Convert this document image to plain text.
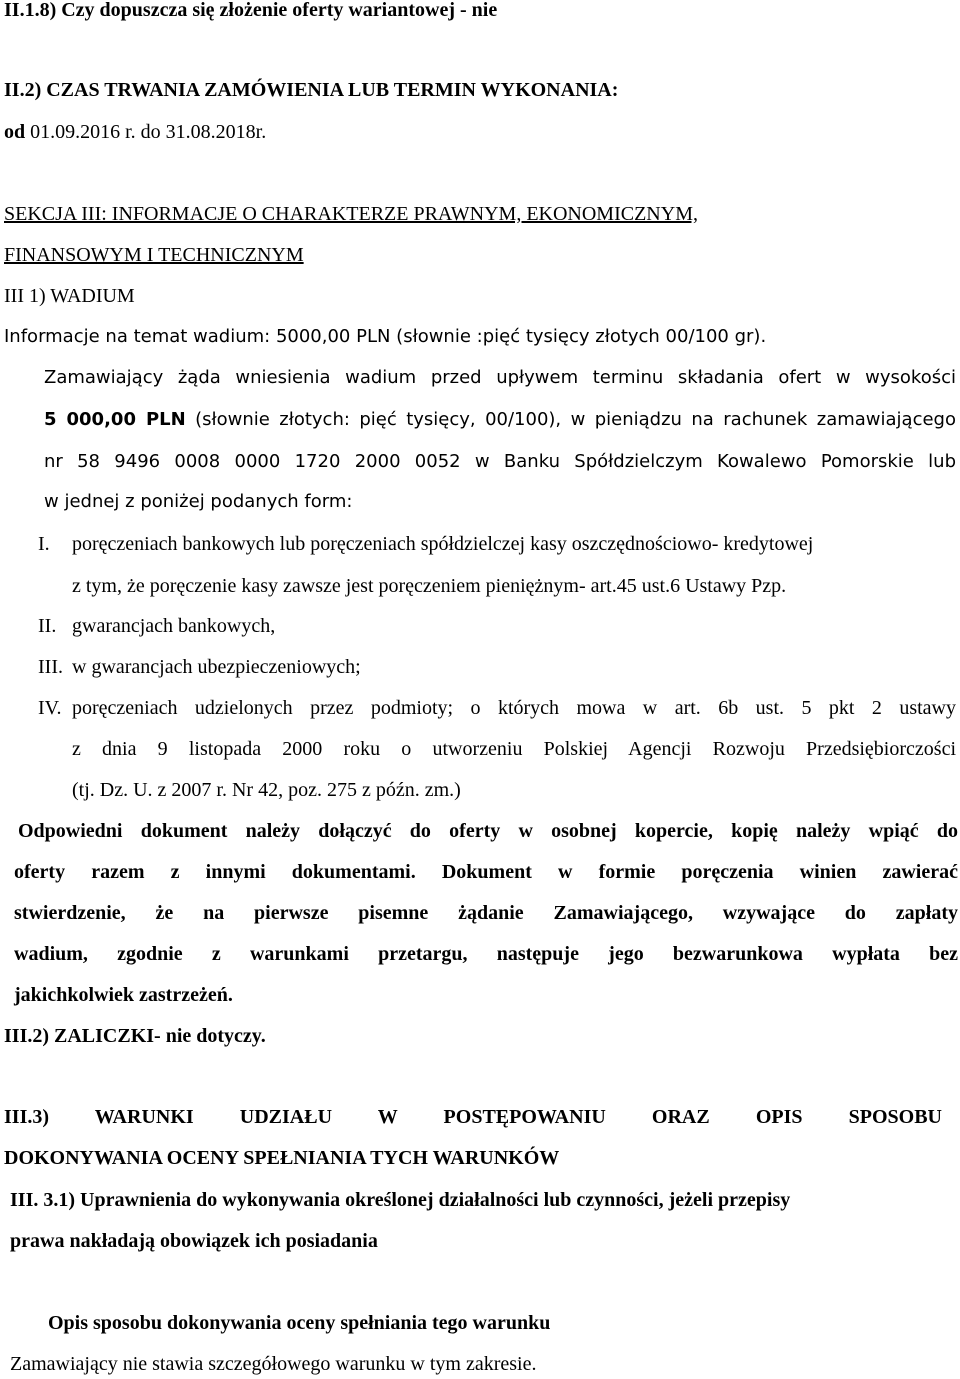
II.1.8) Czy dopuszcza się złożenie oferty wariantowej - nie
II.2) CZAS TRWANIA ZAMÓWIENIA LUB TERMIN WYKONANIA:
od 01.09.2016 r. do 31.08.2018r.
SEKCJA III: INFORMACJE O CHARAKTERZE PRAWNYM, EKONOMICZNYM,
FINANSOWYM I TECHNICZNYM
III 1) WADIUM
Informacje na temat wadium: 5000,00 PLN (słownie :pięć tysięcy złotych 00/100 gr).
Zamawiający żąda wniesienia wadium przed upływem terminu składania ofert w wysokości
5 000,00 PLN (słownie złotych: pięć tysięcy, 00/100), w pieniądzu na rachunek zamawiającego
nr 58 9496 0008 0000 1720 2000 0052 w Banku Spółdzielczym Kowalewo Pomorskie lub
w jednej z poniżej podanych form:
I. poręczeniach bankowych lub poręczeniach spółdzielczej kasy oszczędnościowo- kredytowej
z tym, że poręczenie kasy zawsze jest poręczeniem pieniężnym- art.45 ust.6 Ustawy Pzp.
II. gwarancjach bankowych,
III. w gwarancjach ubezpieczeniowych;
IV. poręczeniach udzielonych przez podmioty; o których mowa w art. 6b ust. 5 pkt 2 ustawy
z dnia 9 listopada 2000 roku o utworzeniu Polskiej Agencji Rozwoju Przedsiębiorczości
(tj. Dz. U. z 2007 r. Nr 42, poz. 275 z późn. zm.)
Odpowiedni dokument należy dołączyć do oferty w osobnej kopercie, kopię należy wpiąć do
oferty razem z innymi dokumentami. Dokument w formie poręczenia winien zawierać
stwierdzenie, że na pierwsze pisemne żądanie Zamawiającego, wzywające do zapłaty
wadium, zgodnie z warunkami przetargu, następuje jego bezwarunkowa wypłata bez
jakichkolwiek zastrzeżeń.
III.2) ZALICZKI- nie dotyczy.
III.3) WARUNKI UDZIAŁU W POSTĘPOWANIU ORAZ OPIS SPOSOBU
DOKONYWANIA OCENY SPEŁNIANIA TYCH WARUNKÓW
III. 3.1) Uprawnienia do wykonywania określonej działalności lub czynności, jeżeli przepisy
prawa nakładają obowiązek ich posiadania
Opis sposobu dokonywania oceny spełniania tego warunku
Zamawiający nie stawia szczegółowego warunku w tym zakresie.
